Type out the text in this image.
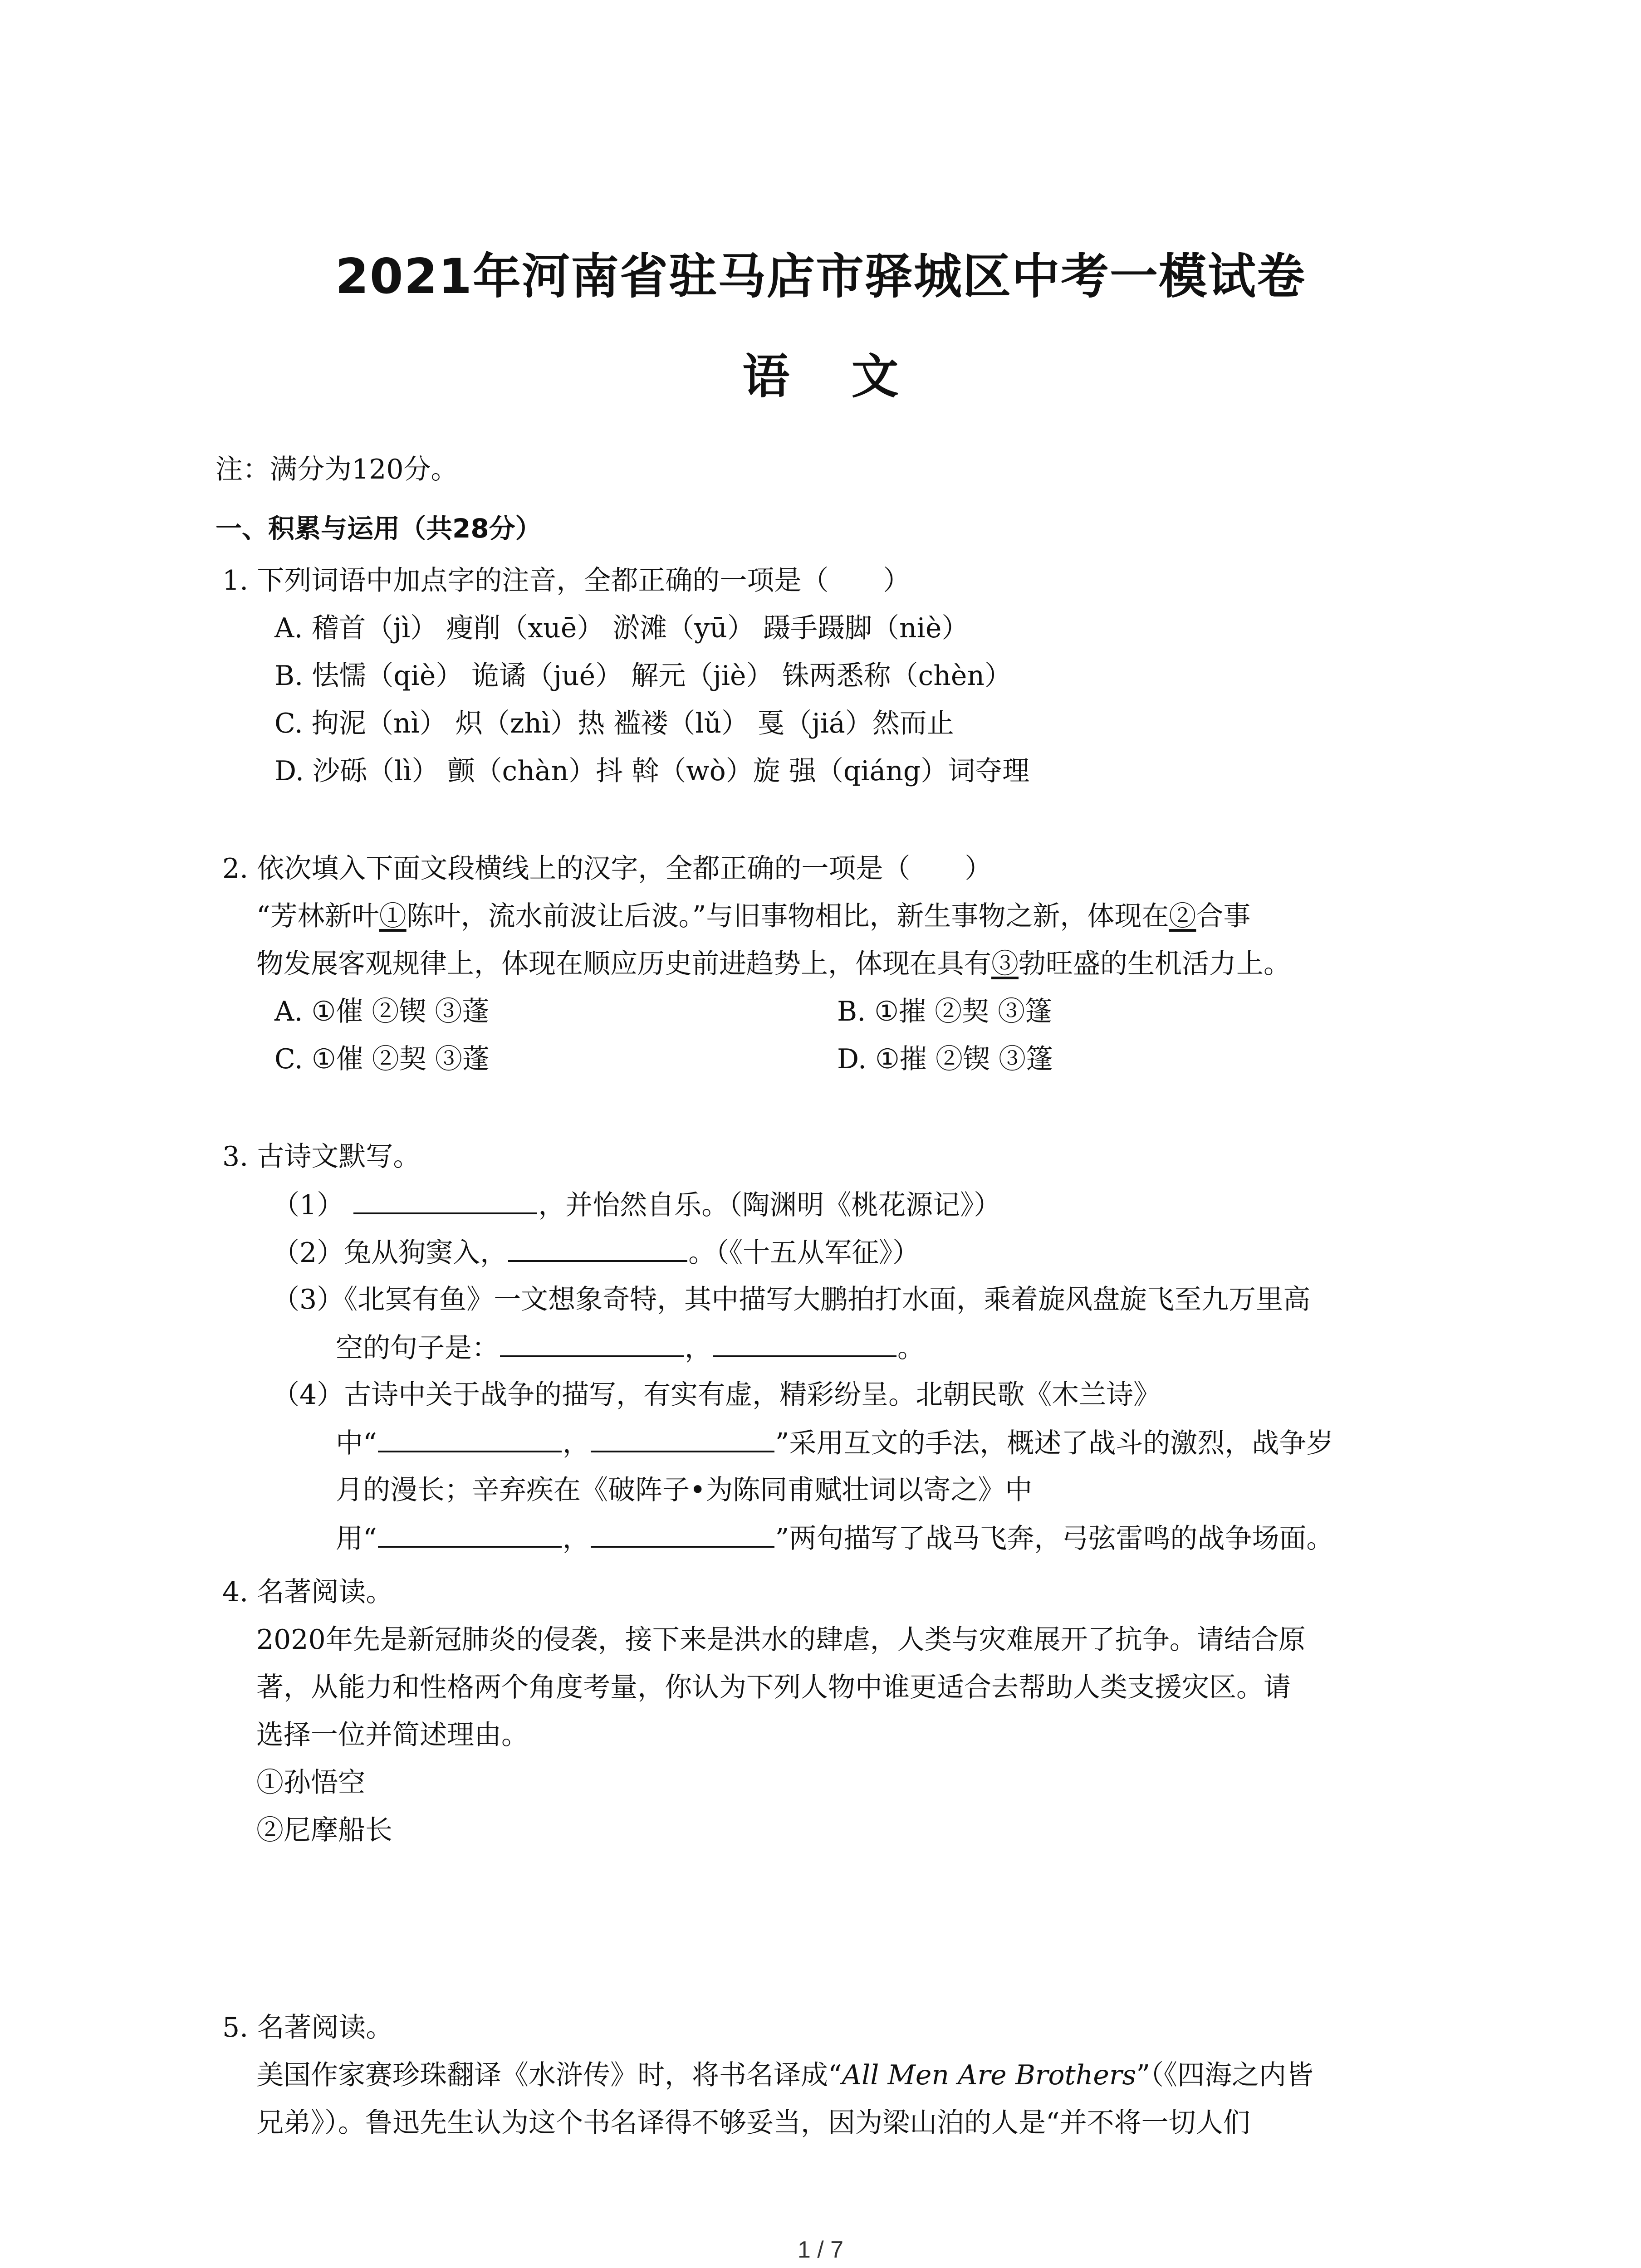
2021年河南省驻马店市驿城区中考一模试卷
语 文
注：满分为120分。
一、积累与运用（共28分）
1. 下列词语中加点字的注音，全都正确的一项是（　　）
A. 稽首（jì） 瘦削（xuē） 淤滩（yū） 蹑手蹑脚（niè）
B. 怯懦（qiè） 诡谲（jué） 解元（jiè） 铢两悉称（chèn）
C. 拘泥（nì） 炽（zhì）热 褴褛（lǔ） 戛（jiá）然而止
D. 沙砾（lì） 颤（chàn）抖 斡（wò）旋 强（qiáng）词夺理
2. 依次填入下面文段横线上的汉字，全都正确的一项是（　　）
“芳林新叶①陈叶，流水前波让后波。”与旧事物相比，新生事物之新，体现在②合事
物发展客观规律上，体现在顺应历史前进趋势上，体现在具有③勃旺盛的生机活力上。
A. ①催 ②锲 ③蓬	B. ①摧 ②契 ③篷
C. ①催 ②契 ③蓬	D. ①摧 ②锲 ③篷
3. 古诗文默写。
（1）	，并怡然自乐。（陶渊明《桃花源记》）
（2）兔从狗窦入，	。（《十五从军征》）
（3）《北冥有鱼》一文想象奇特，其中描写大鹏拍打水面，乘着旋风盘旋飞至九万里高
空的句子是：	，	。
（4）古诗中关于战争的描写，有实有虚，精彩纷呈。北朝民歌《木兰诗》
中“	，	”采用互文的手法，概述了战斗的激烈，战争岁
月的漫长；辛弃疾在《破阵子•为陈同甫赋壮词以寄之》中
用“	，	”两句描写了战马飞奔，弓弦雷鸣的战争场面。
4. 名著阅读。
2020年先是新冠肺炎的侵袭，接下来是洪水的肆虐，人类与灾难展开了抗争。请结合原
著，从能力和性格两个角度考量，你认为下列人物中谁更适合去帮助人类支援灾区。请
选择一位并简述理由。
①孙悟空
②尼摩船长
5. 名著阅读。
美国作家赛珍珠翻译《水浒传》时，将书名译成“All Men Are Brothers”（《四海之内皆
兄弟》）。鲁迅先生认为这个书名译得不够妥当，因为梁山泊的人是“并不将一切人们
1 / 7
